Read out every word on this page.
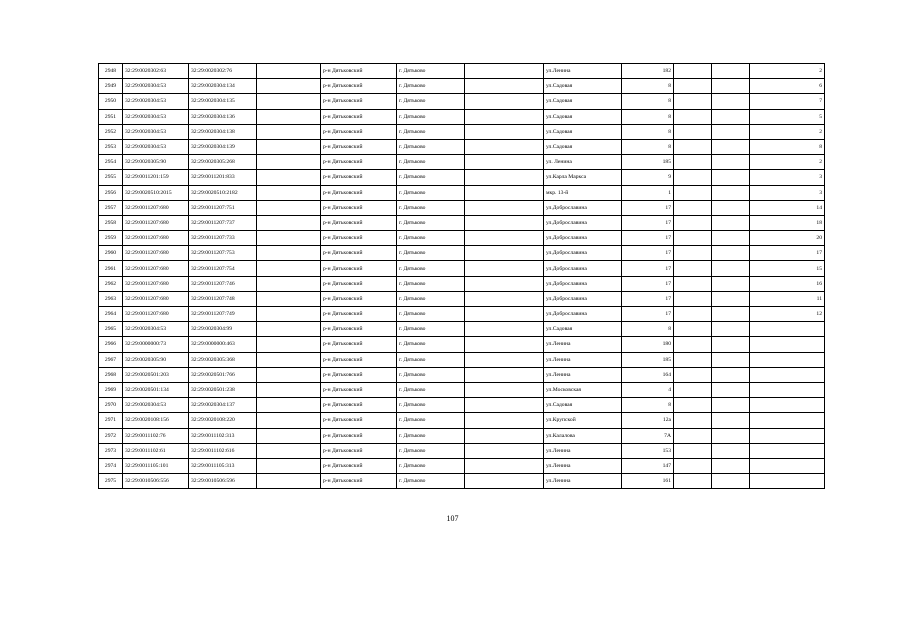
2948	32:29:0020302:63	32:29:0020302:76		р-н Дятьковский	г. Дятьково		ул.Ленина	182			2
2949	32:29:0020304:53	32:29:0020304:134		р-н Дятьковский	г. Дятьково		ул.Садовая	8			6
2950	32:29:0020304:53	32:29:0020304:135		р-н Дятьковский	г. Дятьково		ул.Садовая	8			7
2951	32:29:0020304:53	32:29:0020304:136		р-н Дятьковский	г. Дятьково		ул.Садовая	8			5
2952	32:29:0020304:53	32:29:0020304:138		р-н Дятьковский	г. Дятьково		ул.Садовая	8			2
2953	32:29:0020304:53	32:29:0020304:139		р-н Дятьковский	г. Дятьково		ул.Садовая	8			8
2954	32:29:0020305:90	32:29:0020305:268		р-н Дятьковский	г. Дятьково		ул. Ленина	185			2
2955	32:29:0011201:159	32:29:0011201:833		р-н Дятьковский	г. Дятьково		ул.Карла Маркса	9			3
2956	32:29:0020510:2015	32:29:0020510:2182		р-н Дятьковский	г. Дятьково		мкр. 13-й	1			3
2957	32:29:0011207:680	32:29:0011207:751		р-н Дятьковский	г. Дятьково		ул.Доброславина	17			14
2958	32:29:0011207:680	32:29:0011207:737		р-н Дятьковский	г. Дятьково		ул.Доброславина	17			18
2959	32:29:0011207:680	32:29:0011207:733		р-н Дятьковский	г. Дятьково		ул.Доброславина	17			20
2960	32:29:0011207:680	32:29:0011207:753		р-н Дятьковский	г. Дятьково		ул.Доброславина	17			17
2961	32:29:0011207:680	32:29:0011207:754		р-н Дятьковский	г. Дятьково		ул.Доброславина	17			15
2962	32:29:0011207:680	32:29:0011207:746		р-н Дятьковский	г. Дятьково		ул.Доброславина	17			16
2963	32:29:0011207:680	32:29:0011207:748		р-н Дятьковский	г. Дятьково		ул.Доброславина	17			11
2964	32:29:0011207:680	32:29:0011207:749		р-н Дятьковский	г. Дятьково		ул.Доброславина	17			12
2965	32:29:0020304:53	32:29:0020304:99		р-н Дятьковский	г. Дятьково		ул.Садовая	8			
2966	32:29:0000000:73	32:29:0000000:463		р-н Дятьковский	г. Дятьково		ул.Ленина	180			
2967	32:29:0020305:90	32:29:0020305:368		р-н Дятьковский	г. Дятьково		ул.Ленина	185			
2968	32:29:0020501:203	32:29:0020501:766		р-н Дятьковский	г. Дятьково		ул.Ленина	164			
2969	32:29:0020501:134	32:29:0020501:238		р-н Дятьковский	г. Дятьково		ул.Московская	4			
2970	32:29:0020304:53	32:29:0020304:137		р-н Дятьковский	г. Дятьково		ул.Садовая	8			
2971	32:29:0020108:156	32:29:0020108:220		р-н Дятьковский	г. Дятьково		ул.Крупской	12а			
2972	32:29:0011102:76	32:29:0011102:313		р-н Дятьковский	г. Дятьково		ул.Калалова	7А			
2973	32:29:0011102:61	32:29:0011102:616		р-н Дятьковский	г. Дятьково		ул.Ленина	153			
2974	32:29:0011105:101	32:29:0011105:313		р-н Дятьковский	г. Дятьково		ул.Ленина	147			
2975	32:29:0010506:556	32:29:0010506:596		р-н Дятьковский	г. Дятьково		ул.Ленина	161			
107
